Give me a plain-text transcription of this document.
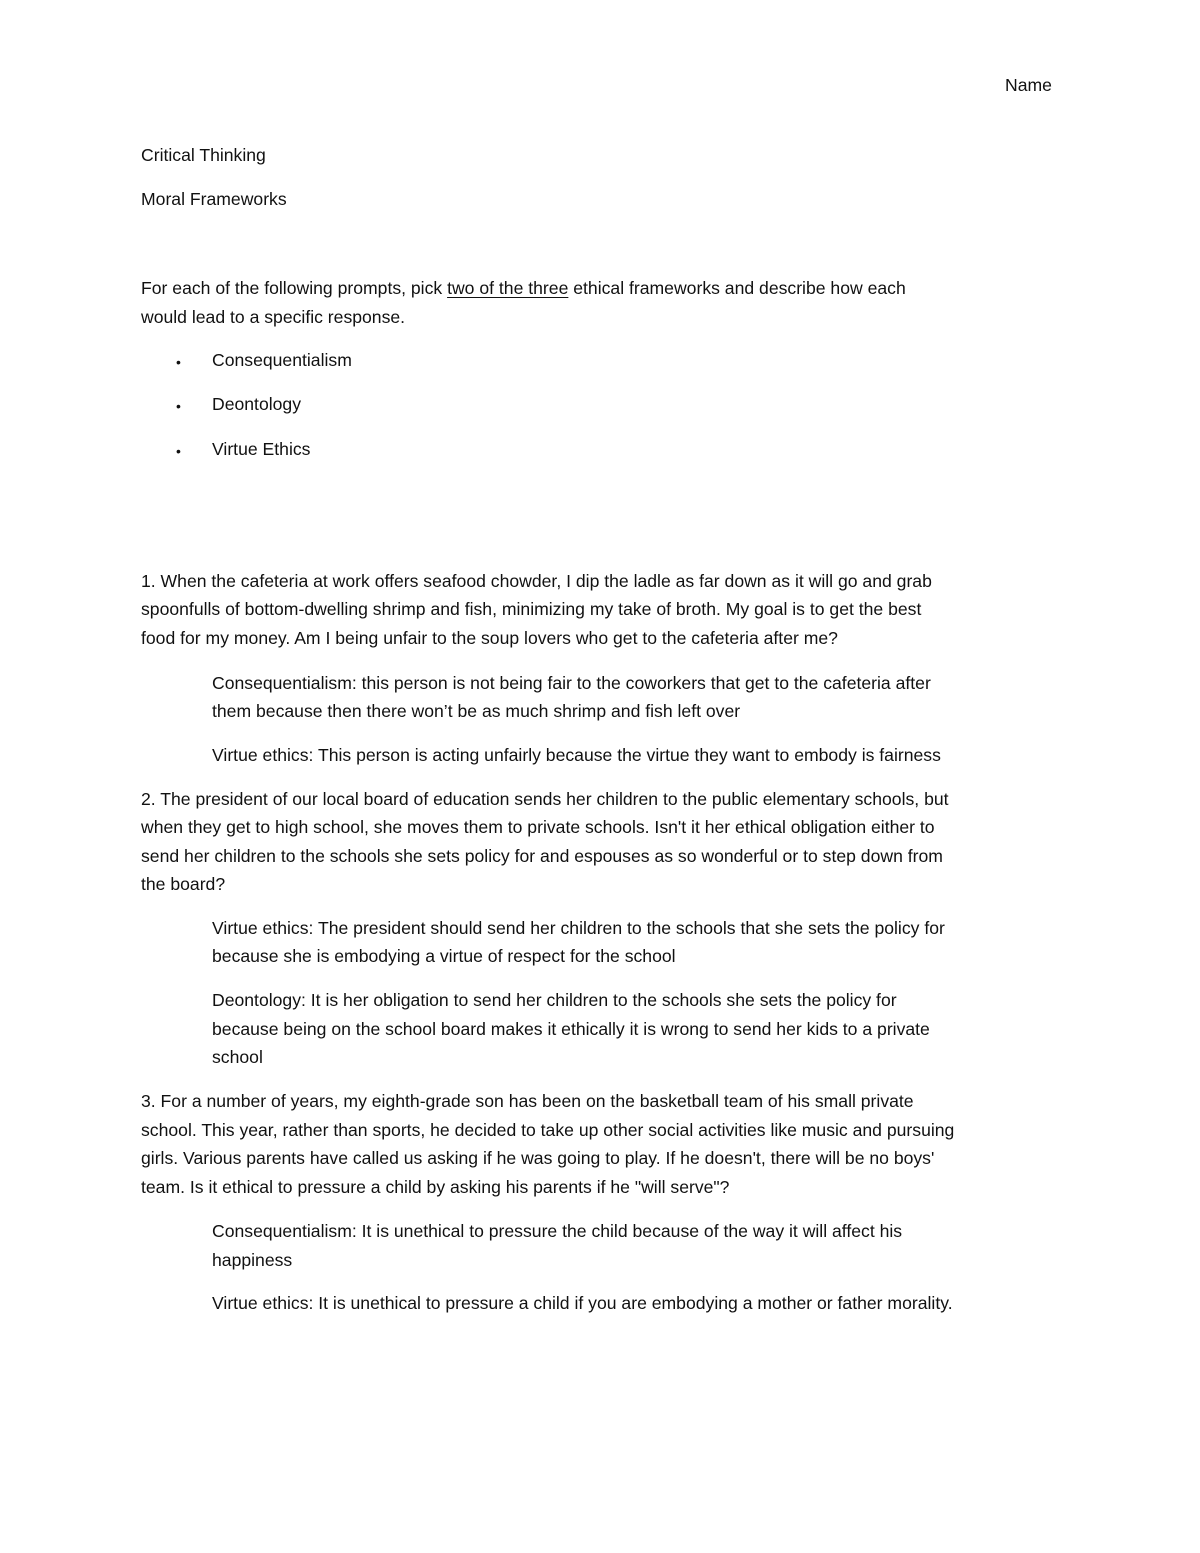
Name
Critical Thinking
Moral Frameworks
For each of the following prompts, pick two of the three ethical frameworks and describe how each
would lead to a specific response.
• Consequentialism
• Deontology
• Virtue Ethics
1. When the cafeteria at work offers seafood chowder, I dip the ladle as far down as it will go and grab
spoonfulls of bottom-dwelling shrimp and fish, minimizing my take of broth. My goal is to get the best
food for my money. Am I being unfair to the soup lovers who get to the cafeteria after me?
Consequentialism: this person is not being fair to the coworkers that get to the cafeteria after
them because then there won’t be as much shrimp and fish left over
Virtue ethics: This person is acting unfairly because the virtue they want to embody is fairness
2. The president of our local board of education sends her children to the public elementary schools, but
when they get to high school, she moves them to private schools. Isn't it her ethical obligation either to
send her children to the schools she sets policy for and espouses as so wonderful or to step down from
the board?
Virtue ethics: The president should send her children to the schools that she sets the policy for
because she is embodying a virtue of respect for the school
Deontology: It is her obligation to send her children to the schools she sets the policy for
because being on the school board makes it ethically it is wrong to send her kids to a private
school
3. For a number of years, my eighth-grade son has been on the basketball team of his small private
school. This year, rather than sports, he decided to take up other social activities like music and pursuing
girls. Various parents have called us asking if he was going to play. If he doesn't, there will be no boys'
team. Is it ethical to pressure a child by asking his parents if he "will serve"?
Consequentialism: It is unethical to pressure the child because of the way it will affect his
happiness
Virtue ethics: It is unethical to pressure a child if you are embodying a mother or father morality.
